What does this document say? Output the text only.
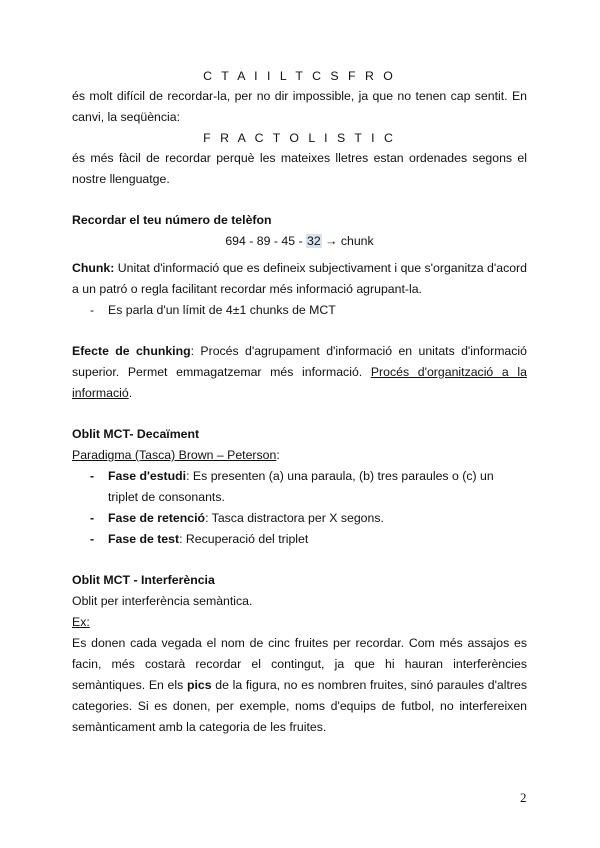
C T A I I L T C S F R O

és molt difícil de recordar-la, per no dir impossible, ja que no tenen cap sentit. En canvi, la seqüència:

F R A C T O L I S T I C

és més fàcil de recordar perquè les mateixes lletres estan ordenades segons el nostre llenguatge.

Recordar el teu número de telèfon
694 - 89 - 45 - 32 → chunk

Chunk: Unitat d'informació que es defineix subjectivament i que s'organitza d'acord a un patró o regla facilitant recordar més informació agrupant-la.

- Es parla d'un límit de 4±1 chunks de MCT

Efecte de chunking: Procés d'agrupament d'informació en unitats d'informació superior. Permet emmagatzemar més informació. Procés d'organització a la informació.

Oblit MCT- Decaïment
Paradigma (Tasca) Brown – Peterson:
- Fase d'estudi: Es presenten (a) una paraula, (b) tres paraules o (c) un triplet de consonants.
- Fase de retenció: Tasca distractora per X segons.
- Fase de test: Recuperació del triplet
Oblit MCT - Interferència
Oblit per interferència semàntica.
Ex:

Es donen cada vegada el nom de cinc fruites per recordar. Com més assajos es facin, més costarà recordar el contingut, ja que hi hauran interferències semàntiques. En els pics de la figura, no es nombren fruites, sinó paraules d'altres categories. Si es donen, per exemple, noms d'equips de futbol, no interfereixen semànticament amb la categoria de les fruites.

2
